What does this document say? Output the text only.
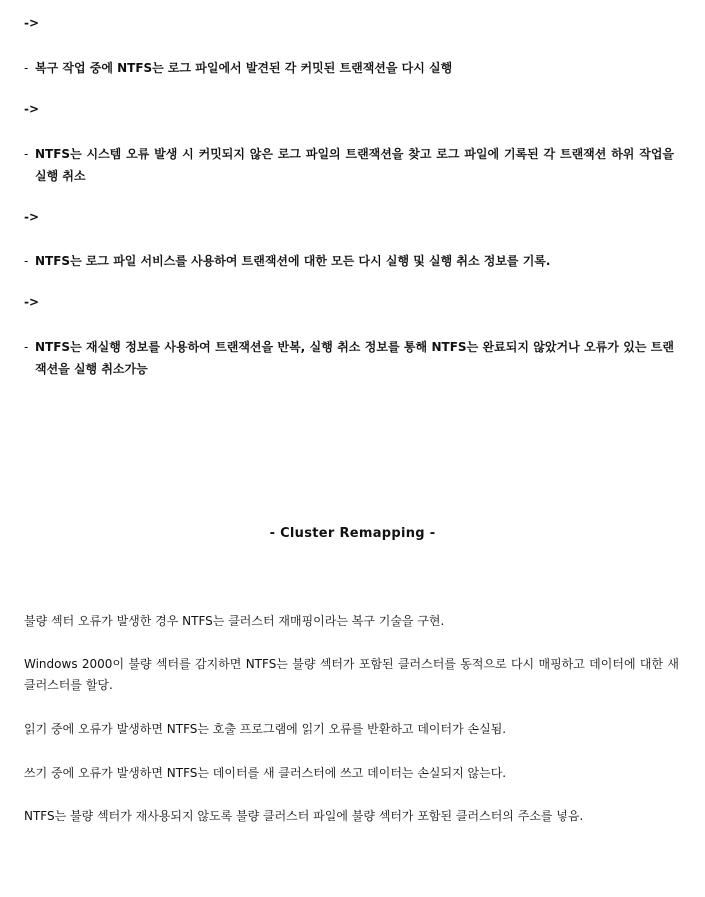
->
- 복구 작업 중에 NTFS는 로그 파일에서 발견된 각 커밋된 트랜잭션을 다시 실행
->
- NTFS는 시스템 오류 발생 시 커밋되지 않은 로그 파일의 트랜잭션을 찾고 로그 파일에 기록된 각 트랜잭션 하위 작업을 실행 취소
->
- NTFS는 로그 파일 서비스를 사용하여 트랜잭션에 대한 모든 다시 실행 및 실행 취소 정보를 기록.
->
- NTFS는 재실행 정보를 사용하여 트랜잭션을 반복, 실행 취소 정보를 통해 NTFS는 완료되지 않았거나 오류가 있는 트랜잭션을 실행 취소가능
- Cluster Remapping -
불량 섹터 오류가 발생한 경우 NTFS는 클러스터 재매핑이라는 복구 기술을 구현.
Windows 2000이 불량 섹터를 감지하면 NTFS는 불량 섹터가 포함된 클러스터를 동적으로 다시 매핑하고 데이터에 대한 새 클러스터를 할당.
읽기 중에 오류가 발생하면 NTFS는 호출 프로그램에 읽기 오류를 반환하고 데이터가 손실됨.
쓰기 중에 오류가 발생하면 NTFS는 데이터를 새 클러스터에 쓰고 데이터는 손실되지 않는다.
NTFS는 불량 섹터가 재사용되지 않도록 불량 클러스터 파일에 불량 섹터가 포함된 클러스터의 주소를 넣음.
